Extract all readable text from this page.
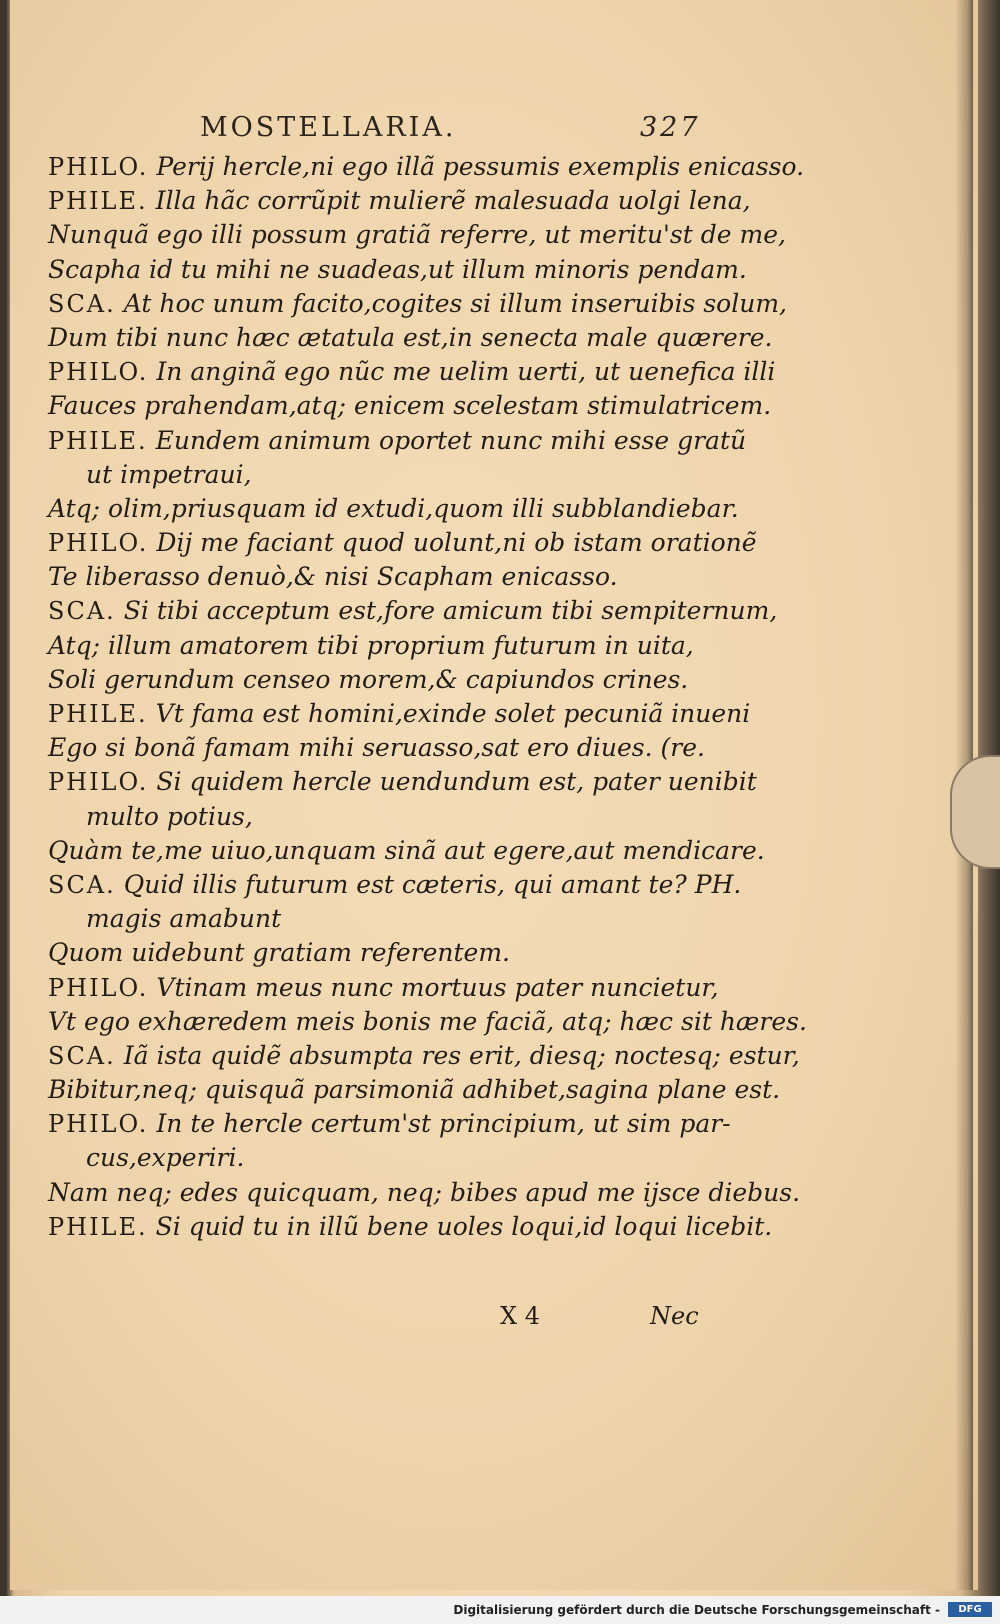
MOSTELLARIA.	327
PHILO. Perij hercle,ni ego illã pessumis exemplis enicasso.
PHILE. Illa hãc corrũpit mulierẽ malesuada uolgi lena,
Nunquã ego illi possum gratiã referre, ut meritu'st de me,
Scapha id tu mihi ne suadeas,ut illum minoris pendam.
SCA. At hoc unum facito,cogites si illum inseruibis solum,
Dum tibi nunc hæc ætatula est,in senecta male quærere.
PHILO. In anginã ego nũc me uelim uerti, ut uenefica illi
Fauces prahendam,atq; enicem scelestam stimulatricem.
PHILE. Eundem animum oportet nunc mihi esse gratũ
ut impetraui,
Atq; olim,priusquam id extudi,quom illi subblandiebar.
PHILO. Dij me faciant quod uolunt,ni ob istam orationẽ
Te liberasso denuò,& nisi Scapham enicasso.
SCA. Si tibi acceptum est,fore amicum tibi sempiternum,
Atq; illum amatorem tibi proprium futurum in uita,
Soli gerundum censeo morem,& capiundos crines.
PHILE. Vt fama est homini,exinde solet pecuniã inueni
Ego si bonã famam mihi seruasso,sat ero diues. (re.
PHILO. Si quidem hercle uendundum est, pater uenibit
multo potius,
Quàm te,me uiuo,unquam sinã aut egere,aut mendicare.
SCA. Quid illis futurum est cæteris, qui amant te? PH.
magis amabunt
Quom uidebunt gratiam referentem.
PHILO. Vtinam meus nunc mortuus pater nuncietur,
Vt ego exhæredem meis bonis me faciã, atq; hæc sit hæres.
SCA. Iã ista quidẽ absumpta res erit, diesq; noctesq; estur,
Bibitur,neq; quisquã parsimoniã adhibet,sagina plane est.
PHILO. In te hercle certum'st principium, ut sim par-
cus,experiri.
Nam neq; edes quicquam, neq; bibes apud me ijsce diebus.
PHILE. Si quid tu in illũ bene uoles loqui,id loqui licebit.
X 4	Nec
Digitalisierung gefördert durch die Deutsche Forschungsgemeinschaft -	DFG
